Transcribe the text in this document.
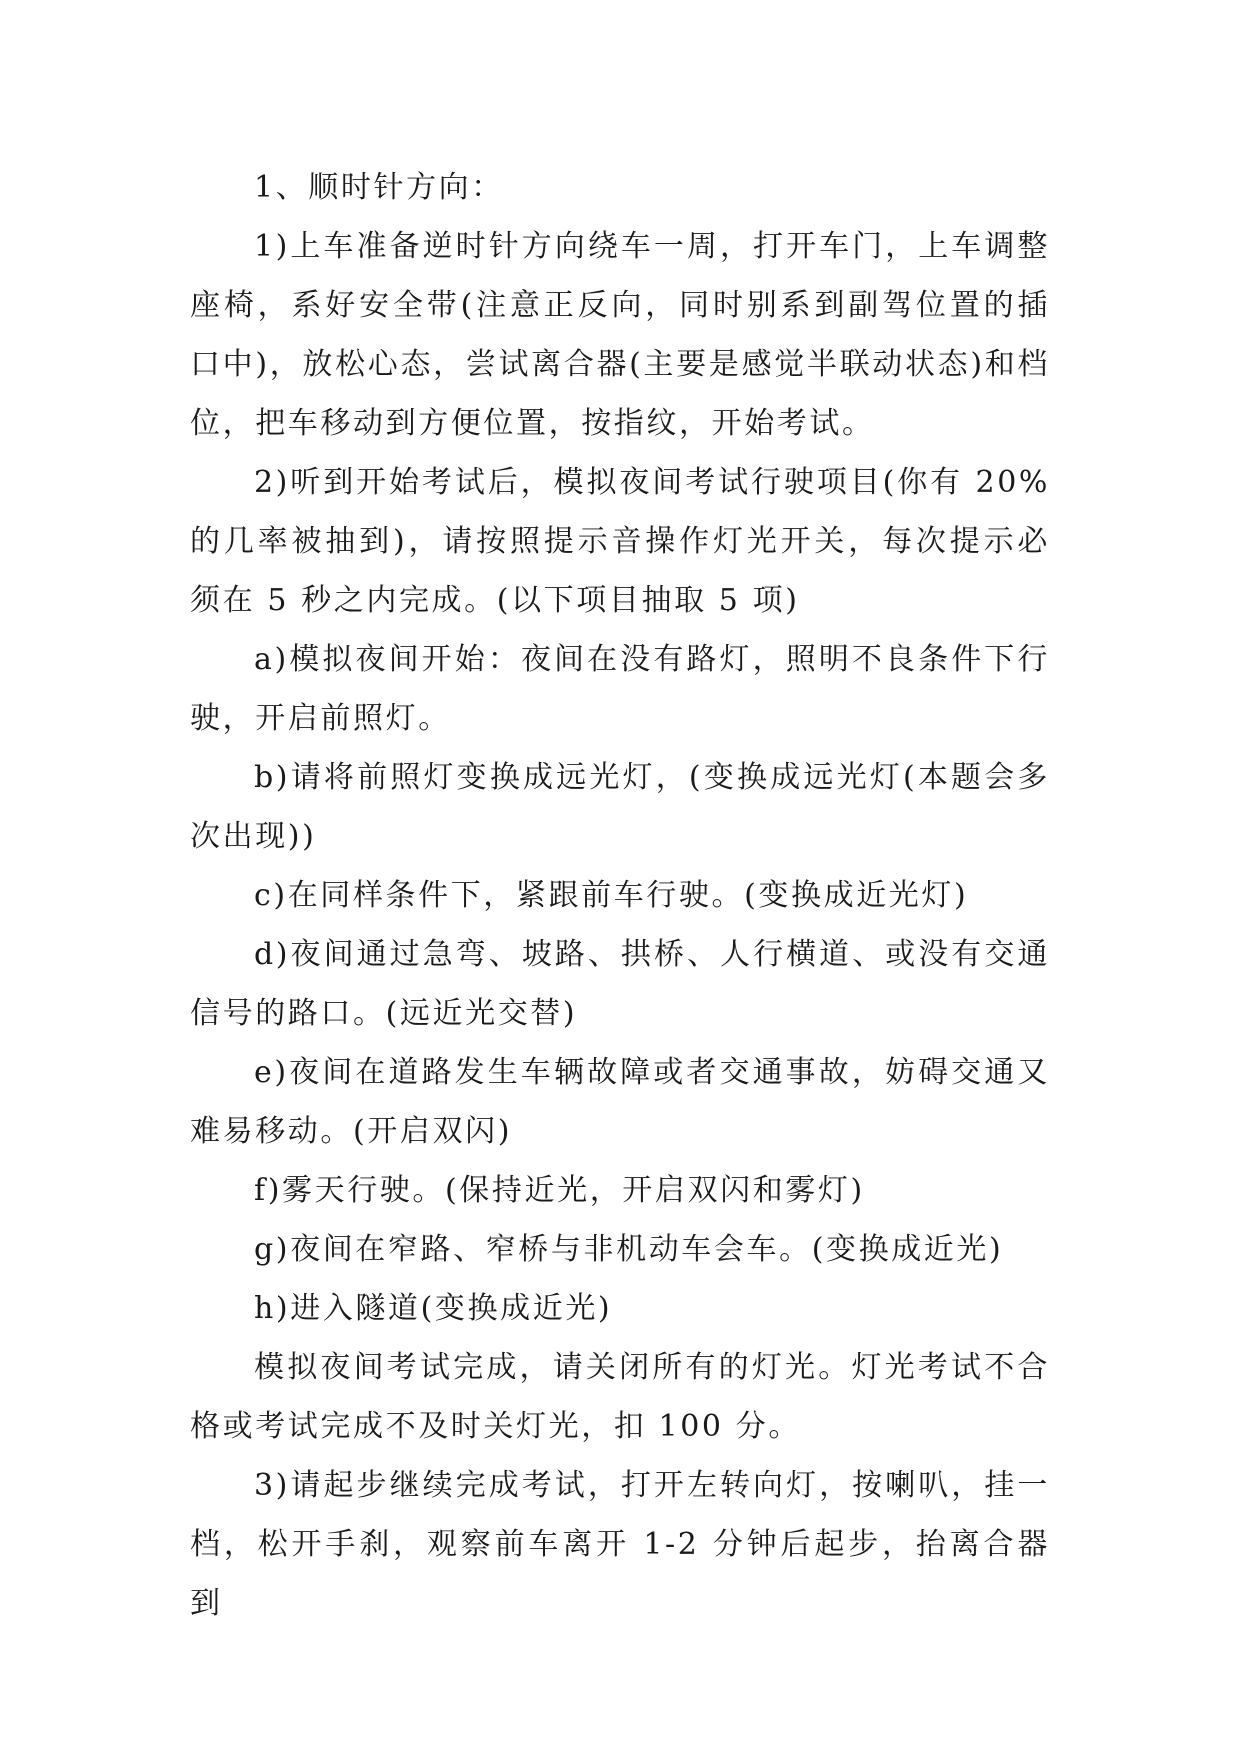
1、顺时针方向：

1)上车准备逆时针方向绕车一周，打开车门，上车调整座椅，系好安全带(注意正反向，同时别系到副驾位置的插口中)，放松心态，尝试离合器(主要是感觉半联动状态)和档位，把车移动到方便位置，按指纹，开始考试。

2)听到开始考试后，模拟夜间考试行驶项目(你有 20%的几率被抽到)，请按照提示音操作灯光开关，每次提示必须在 5 秒之内完成。(以下项目抽取 5 项)

a)模拟夜间开始：夜间在没有路灯，照明不良条件下行驶，开启前照灯。

b)请将前照灯变换成远光灯，(变换成远光灯(本题会多次出现))

c)在同样条件下，紧跟前车行驶。(变换成近光灯)

d)夜间通过急弯、坡路、拱桥、人行横道、或没有交通信号的路口。(远近光交替)

e)夜间在道路发生车辆故障或者交通事故，妨碍交通又难易移动。(开启双闪)

f)雾天行驶。(保持近光，开启双闪和雾灯)

g)夜间在窄路、窄桥与非机动车会车。(变换成近光)

h)进入隧道(变换成近光)

模拟夜间考试完成，请关闭所有的灯光。灯光考试不合格或考试完成不及时关灯光，扣 100 分。

3)请起步继续完成考试，打开左转向灯，按喇叭，挂一档，松开手刹，观察前车离开 1-2 分钟后起步，抬离合器到
